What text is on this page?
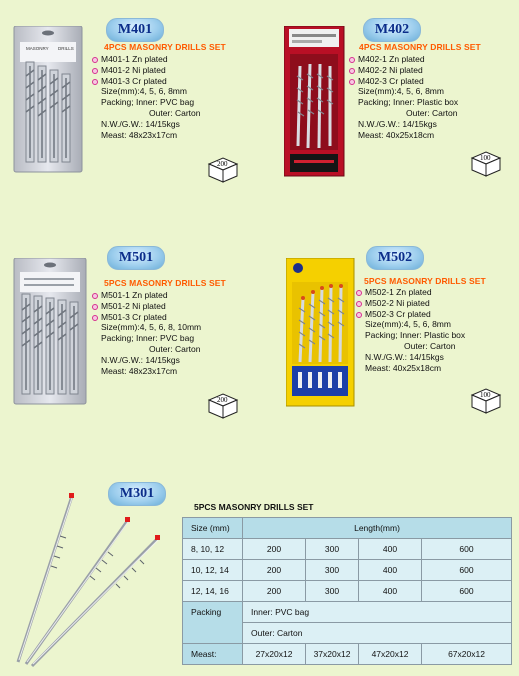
MASONRY DRILLS
M401
4PCS MASONRY DRILLS SET
M401-1 Zn plated
M401-2 Ni plated
M401-3 Cr plated
Size(mm):4, 5, 6, 8mm
Packing; Inner: PVC bag
Outer: Carton
N.W./G.W.: 14/15kgs
Meast: 48x23x17cm
200
M402
4PCS MASONRY DRILLS SET
M402-1 Zn plated
M402-2 Ni plated
M402-3 Cr plated
Size(mm):4, 5, 6, 8mm
Packing; Inner: Plastic box
Outer: Carton
N.W./G.W.: 14/15kgs
Meast: 40x25x18cm
100
M501
5PCS MASONRY DRILLS SET
M501-1 Zn plated
M501-2 Ni plated
M501-3 Cr plated
Size(mm):4, 5, 6, 8, 10mm
Packing; Inner: PVC bag
Outer: Carton
N.W./G.W.: 14/15kgs
Meast: 48x23x17cm
200
M502
5PCS MASONRY DRILLS SET
M502-1 Zn plated
M502-2 Ni piated
M502-3 Cr plated
Size(mm):4, 5, 6, 8mm
Packing; Inner: Plastic box
Outer: Carton
N.W./G.W.: 14/15kgs
Meast: 40x25x18cm
100
M301
5PCS MASONRY DRILLS SET
Size (mm)	Length(mm)			
8, 10, 12	200	300	400	600
10, 12, 14	200	300	400	600
12, 14, 16	200	300	400	600
Packing	Inner: PVC bag			
	Outer: Carton			
Meast:	27x20x12	37x20x12	47x20x12	67x20x12
